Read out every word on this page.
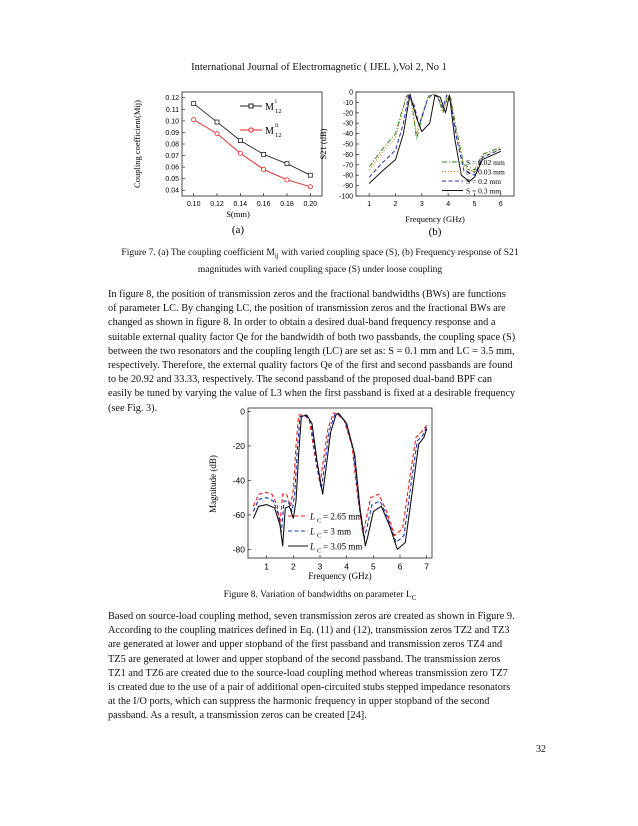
International Journal of Electromagnetic ( IJEL ),Vol 2, No 1
0.04
0.05
0.06
0.07
0.08
0.09
0.10
0.11
0.12
0.10 0.12 0.14 0.16 0.18 0.20
S(mm)
Coupling coefficient(Mij)	M I
12
M II
12
(a)
0
-10
-20
-30
-40
-50
-60
-70
-80
-90
-100
1	2	3	4	5	6
Frequency (GHz)
S21 (dB)
S = 0.02 mm
S = 0.03 mm
S = 0.2 mm
S = 0.3 mm
(b)
Figure 7. (a) The coupling coefficient $M_{ij}$ with varied coupling space (S), (b) Frequency response of S21
magnitudes with varied coupling space (S) under loose coupling
In figure 8, the position of transmission zeros and the fractional bandwidths (BWs) are functions
of parameter LC. By changing LC, the position of transmission zeros and the fractional BWs are
changed as shown in figure 8. In order to obtain a desired dual-band frequency response and a
suitable external quality factor Qe for the bandwidth of both two passbands, the coupling space (S)
between the two resonators and the coupling length (LC) are set as: S = 0.1 mm and LC = 3.5 mm,
respectively. Therefore, the external quality factors Qe of the first and second passbands are found
to be 20.92 and 33.33, respectively. The second passband of the proposed dual-band BPF can
easily be tuned by varying the value of L3 when the first passband is fixed at a desirable frequency
(see Fig. 3).	0
-20
-40
-60
-80
1	2	3	4	5	6	7
L C = 2.65 mm
L C = 3 mm
L C = 3.05 mm
Frequency (GHz)
Magnitude (dB)
Figure 8. Variation of bandwidths on parameter $L_C$
Based on source-load coupling method, seven transmission zeros are created as shown in Figure 9.
According to the coupling matrices defined in Eq. (11) and (12), transmission zeros TZ2 and TZ3
are generated at lower and upper stopband of the first passband and transmission zeros TZ4 and
TZ5 are generated at lower and upper stopband of the second passband. The transmission zeros
TZ1 and TZ6 are created due to the source-load coupling method whereas transmission zero TZ7
is created due to the use of a pair of additional open-circuited stubs stepped impedance resonators
at the I/O ports, which can suppress the harmonic frequency in upper stopband of the second
passband. As a result, a transmission zeros can be created [24].
32
